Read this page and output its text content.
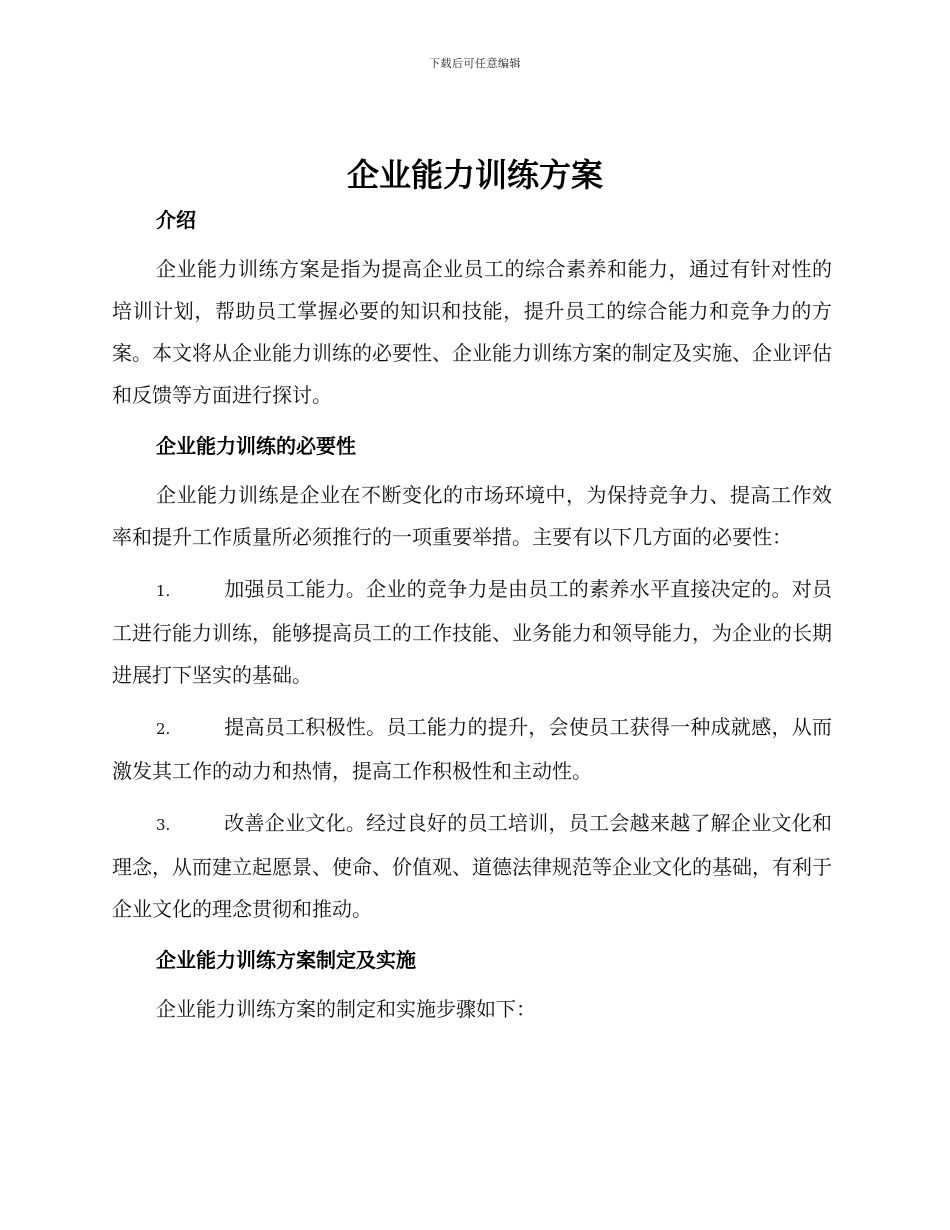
下载后可任意编辑
企业能力训练方案
介绍

企业能力训练方案是指为提高企业员工的综合素养和能力，通过有针对性的培训计划，帮助员工掌握必要的知识和技能，提升员工的综合能力和竞争力的方案。本文将从企业能力训练的必要性、企业能力训练方案的制定及实施、企业评估和反馈等方面进行探讨。

企业能力训练的必要性

企业能力训练是企业在不断变化的市场环境中，为保持竞争力、提高工作效率和提升工作质量所必须推行的一项重要举措。主要有以下几方面的必要性：

1.	加强员工能力。企业的竞争力是由员工的素养水平直接决定的。对员工进行能力训练，能够提高员工的工作技能、业务能力和领导能力，为企业的长期进展打下坚实的基础。

2.	提高员工积极性。员工能力的提升，会使员工获得一种成就感，从而激发其工作的动力和热情，提高工作积极性和主动性。

3.	改善企业文化。经过良好的员工培训，员工会越来越了解企业文化和理念，从而建立起愿景、使命、价值观、道德法律规范等企业文化的基础，有利于企业文化的理念贯彻和推动。

企业能力训练方案制定及实施

企业能力训练方案的制定和实施步骤如下：
